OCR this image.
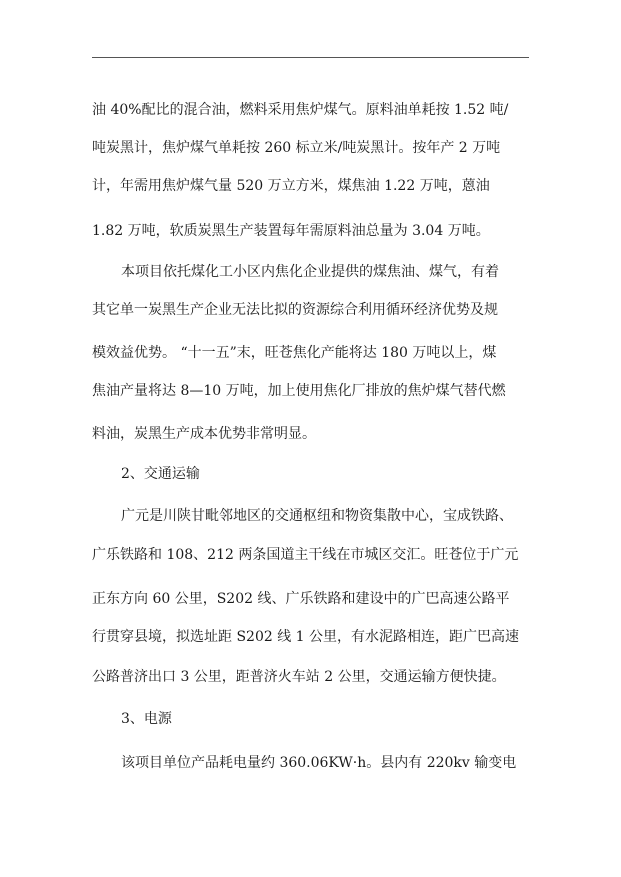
油 40%配比的混合油，燃料采用焦炉煤气。原料油单耗按 1.52 吨/
吨炭黑计，焦炉煤气单耗按 260 标立米/吨炭黑计。按年产 2 万吨
计，年需用焦炉煤气量 520 万立方米，煤焦油 1.22 万吨，蒽油
1.82 万吨，软质炭黑生产装置每年需原料油总量为 3.04 万吨。
本项目依托煤化工小区内焦化企业提供的煤焦油、煤气，有着
其它单一炭黑生产企业无法比拟的资源综合利用循环经济优势及规
模效益优势。 “十一五”末，旺苍焦化产能将达 180 万吨以上，煤
焦油产量将达 8—10 万吨，加上使用焦化厂排放的焦炉煤气替代燃
料油，炭黑生产成本优势非常明显。
2、交通运输
广元是川陕甘毗邻地区的交通枢纽和物资集散中心，宝成铁路、
广乐铁路和 108、212 两条国道主干线在市城区交汇。旺苍位于广元
正东方向 60 公里，S202 线、广乐铁路和建设中的广巴高速公路平
行贯穿县境，拟选址距 S202 线 1 公里，有水泥路相连，距广巴高速
公路普济出口 3 公里，距普济火车站 2 公里，交通运输方便快捷。
3、电源
该项目单位产品耗电量约 360.06KW·h。县内有 220kv 输变电
